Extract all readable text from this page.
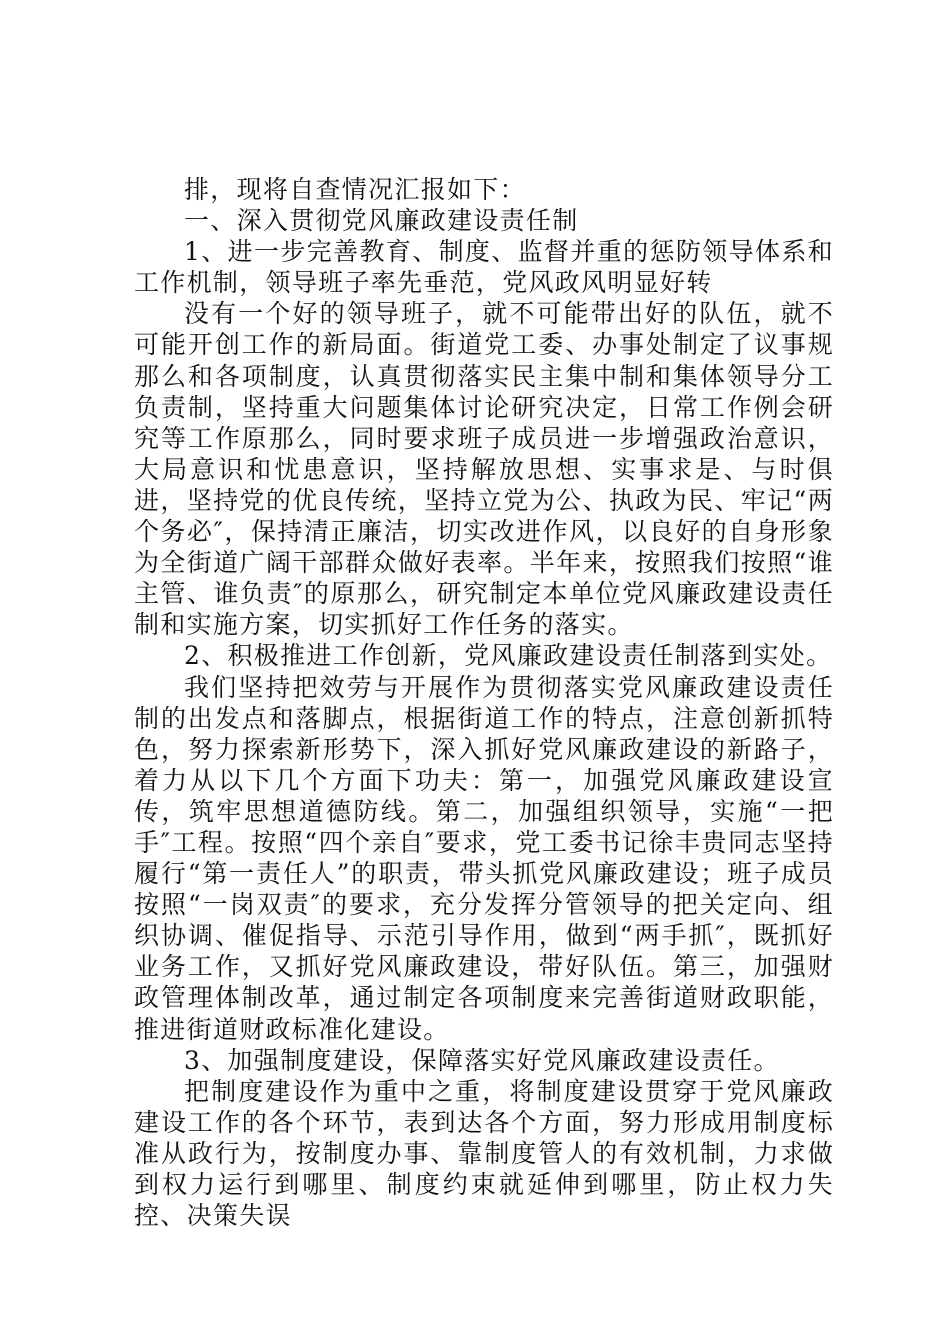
排，现将自查情况汇报如下：

一、深入贯彻党风廉政建设责任制

1、进一步完善教育、制度、监督并重的惩防领导体系和工作机制，领导班子率先垂范，党风政风明显好转

没有一个好的领导班子，就不可能带出好的队伍，就不可能开创工作的新局面。街道党工委、办事处制定了议事规那么和各项制度，认真贯彻落实民主集中制和集体领导分工负责制，坚持重大问题集体讨论研究决定，日常工作例会研究等工作原那么，同时要求班子成员进一步增强政治意识，大局意识和忧患意识，坚持解放思想、实事求是、与时俱进，坚持党的优良传统，坚持立党为公、执政为民、牢记“两个务必″，保持清正廉洁，切实改进作风，以良好的自身形象为全街道广阔干部群众做好表率。半年来，按照我们按照“谁主管、谁负责″的原那么，研究制定本单位党风廉政建设责任制和实施方案，切实抓好工作任务的落实。

2、积极推进工作创新，党风廉政建设责任制落到实处。

我们坚持把效劳与开展作为贯彻落实党风廉政建设责任制的出发点和落脚点，根据街道工作的特点，注意创新抓特色，努力探索新形势下，深入抓好党风廉政建设的新路子，着力从以下几个方面下功夫：第一，加强党风廉政建设宣传，筑牢思想道德防线。第二，加强组织领导，实施“一把手″工程。按照“四个亲自″要求，党工委书记徐丰贵同志坚持履行“第一责任人”的职责，带头抓党风廉政建设；班子成员按照“一岗双责″的要求，充分发挥分管领导的把关定向、组织协调、催促指导、示范引导作用，做到“两手抓″，既抓好业务工作，又抓好党风廉政建设，带好队伍。第三，加强财政管理体制改革，通过制定各项制度来完善街道财政职能，推进街道财政标准化建设。

3、加强制度建设，保障落实好党风廉政建设责任。

把制度建设作为重中之重，将制度建设贯穿于党风廉政建设工作的各个环节，表到达各个方面，努力形成用制度标准从政行为，按制度办事、靠制度管人的有效机制，力求做到权力运行到哪里、制度约束就延伸到哪里，防止权力失控、决策失误
